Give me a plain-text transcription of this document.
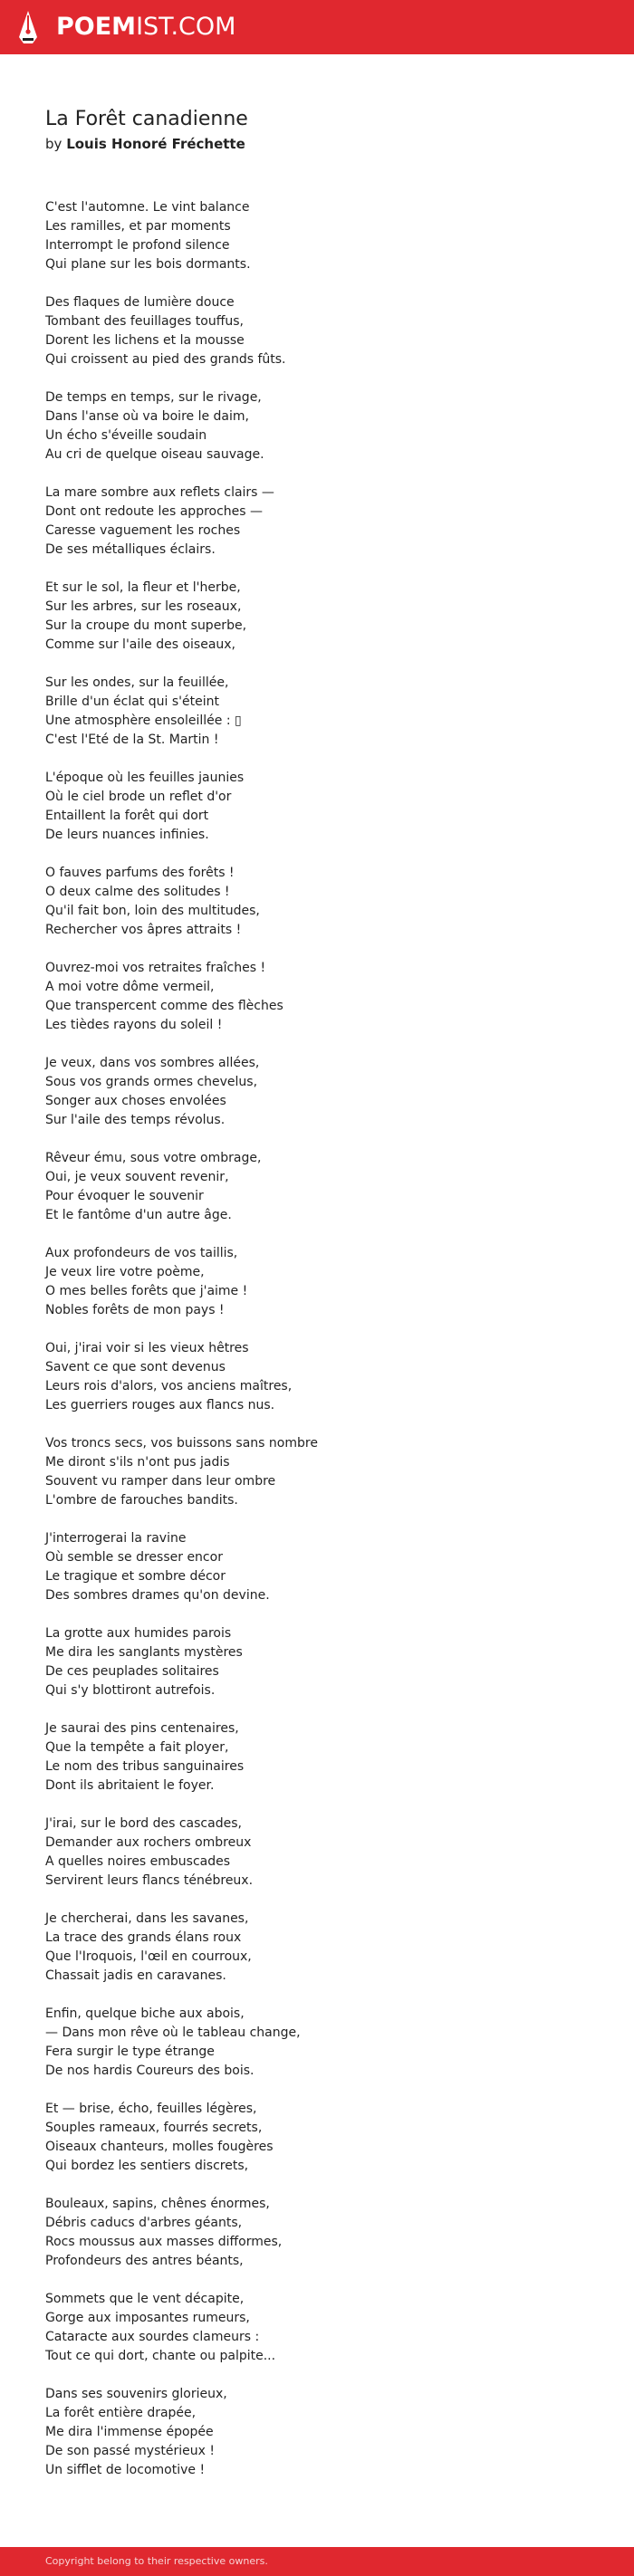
POEMIST.COM
La Forêt canadienne
by Louis Honoré Fréchette
C'est l'automne. Le vint balance
Les ramilles, et par moments
Interrompt le profond silence
Qui plane sur les bois dormants.
Des flaques de lumière douce
Tombant des feuillages touffus,
Dorent les lichens et la mousse
Qui croissent au pied des grands fûts.
De temps en temps, sur le rivage,
Dans l'anse où va boire le daim,
Un écho s'éveille soudain
Au cri de quelque oiseau sauvage.
La mare sombre aux reflets clairs —
Dont ont redoute les approches —
Caresse vaguement les roches
De ses métalliques éclairs.
Et sur le sol, la fleur et l'herbe,
Sur les arbres, sur les roseaux,
Sur la croupe du mont superbe,
Comme sur l'aile des oiseaux,
Sur les ondes, sur la feuillée,
Brille d'un éclat qui s'éteint
Une atmosphère ensoleillée : ▯
C'est l'Eté de la St. Martin !
L'époque où les feuilles jaunies
Où le ciel brode un reflet d'or
Entaillent la forêt qui dort
De leurs nuances infinies.
O fauves parfums des forêts !
O deux calme des solitudes !
Qu'il fait bon, loin des multitudes,
Rechercher vos âpres attraits !
Ouvrez-moi vos retraites fraîches !
A moi votre dôme vermeil,
Que transpercent comme des flèches
Les tièdes rayons du soleil !
Je veux, dans vos sombres allées,
Sous vos grands ormes chevelus,
Songer aux choses envolées
Sur l'aile des temps révolus.
Rêveur ému, sous votre ombrage,
Oui, je veux souvent revenir,
Pour évoquer le souvenir
Et le fantôme d'un autre âge.
Aux profondeurs de vos taillis,
Je veux lire votre poème,
O mes belles forêts que j'aime !
Nobles forêts de mon pays !
Oui, j'irai voir si les vieux hêtres
Savent ce que sont devenus
Leurs rois d'alors, vos anciens maîtres,
Les guerriers rouges aux flancs nus.
Vos troncs secs, vos buissons sans nombre
Me diront s'ils n'ont pus jadis
Souvent vu ramper dans leur ombre
L'ombre de farouches bandits.
J'interrogerai la ravine
Où semble se dresser encor
Le tragique et sombre décor
Des sombres drames qu'on devine.
La grotte aux humides parois
Me dira les sanglants mystères
De ces peuplades solitaires
Qui s'y blottiront autrefois.
Je saurai des pins centenaires,
Que la tempête a fait ployer,
Le nom des tribus sanguinaires
Dont ils abritaient le foyer.
J'irai, sur le bord des cascades,
Demander aux rochers ombreux
A quelles noires embuscades
Servirent leurs flancs ténébreux.
Je chercherai, dans les savanes,
La trace des grands élans roux
Que l'Iroquois, l'œil en courroux,
Chassait jadis en caravanes.
Enfin, quelque biche aux abois,
— Dans mon rêve où le tableau change,
Fera surgir le type étrange
De nos hardis Coureurs des bois.
Et — brise, écho, feuilles légères,
Souples rameaux, fourrés secrets,
Oiseaux chanteurs, molles fougères
Qui bordez les sentiers discrets,
Bouleaux, sapins, chênes énormes,
Débris caducs d'arbres géants,
Rocs moussus aux masses difformes,
Profondeurs des antres béants,
Sommets que le vent décapite,
Gorge aux imposantes rumeurs,
Cataracte aux sourdes clameurs :
Tout ce qui dort, chante ou palpite...
Dans ses souvenirs glorieux,
La forêt entière drapée,
Me dira l'immense épopée
De son passé mystérieux !
Un sifflet de locomotive !
Copyright belong to their respective owners.
